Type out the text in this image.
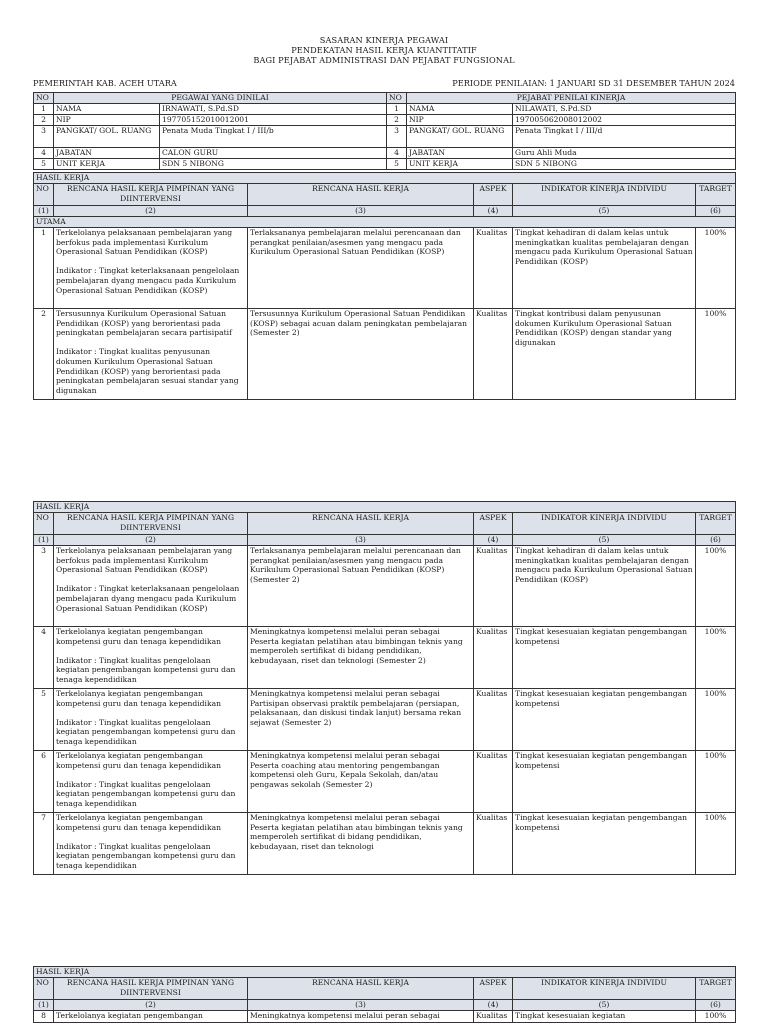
SASARAN KINERJA PEGAWAI
PENDEKATAN HASIL KERJA KUANTITATIF
BAGI PEJABAT ADMINISTRASI DAN PEJABAT FUNGSIONAL
PEMERINTAH KAB. ACEH UTARA	PERIODE PENILAIAN: 1 JANUARI SD 31 DESEMBER TAHUN 2024
NO	PEGAWAI YANG DINILAI		NO	PEJABAT PENILAI KINERJA	
1	NAMA	IRNAWATI, S.Pd.SD	1	NAMA	NILAWATI, S.Pd.SD
2	NIP	197705152010012001	2	NIP	197005062008012002
3	PANGKAT/ GOL. RUANG	Penata Muda Tingkat I / III/b	3	PANGKAT/ GOL. RUANG	Penata Tingkat I / III/d
4	JABATAN	CALON GURU	4	JABATAN	Guru Ahli Muda
5	UNIT KERJA	SDN 5 NIBONG	5	UNIT KERJA	SDN 5 NIBONG
HASIL KERJA					
NO	RENCANA HASIL KERJA PIMPINAN YANG DIINTERVENSI	RENCANA HASIL KERJA	ASPEK	INDIKATOR KINERJA INDIVIDU	TARGET
(1)	(2)	(3)	(4)	(5)	(6)
UTAMA					
1	Terkelolanya pelaksanaan pembelajaran yang berfokus pada implementasi Kurikulum Operasional Satuan Pendidikan (KOSP)

Indikator : Tingkat keterlaksanaan pengelolaan pembelajaran dyang mengacu pada Kurikulum Operasional Satuan Pendidikan (KOSP)	Terlaksananya pembelajaran melalui perencanaan dan perangkat penilaian/asesmen yang mengacu pada Kurikulum Operasional Satuan Pendidikan (KOSP)	Kualitas	Tingkat kehadiran di dalam kelas untuk meningkatkan kualitas pembelajaran dengan mengacu pada Kurikulum Operasional Satuan Pendidikan (KOSP)	100%
2	Tersusunnya Kurikulum Operasional Satuan Pendidikan (KOSP) yang berorientasi pada peningkatan pembelajaran secara partisipatif

Indikator : Tingkat kualitas penyusunan dokumen Kurikulum Operasional Satuan Pendidikan (KOSP) yang berorientasi pada peningkatan pembelajaran sesuai standar yang digunakan	Tersusunnya Kurikulum Operasional Satuan Pendidikan (KOSP) sebagai acuan dalam peningkatan pembelajaran (Semester 2)	Kualitas	Tingkat kontribusi dalam penyusunan dokumen Kurikulum Operasional Satuan Pendidikan (KOSP) dengan standar yang digunakan	100%
HASIL KERJA					
NO	RENCANA HASIL KERJA PIMPINAN YANG DIINTERVENSI	RENCANA HASIL KERJA	ASPEK	INDIKATOR KINERJA INDIVIDU	TARGET
(1)	(2)	(3)	(4)	(5)	(6)
3	Terkelolanya pelaksanaan pembelajaran yang berfokus pada implementasi Kurikulum Operasional Satuan Pendidikan (KOSP)

Indikator : Tingkat keterlaksanaan pengelolaan pembelajaran dyang mengacu pada Kurikulum Operasional Satuan Pendidikan (KOSP)	Terlaksananya pembelajaran melalui perencanaan dan perangkat penilaian/asesmen yang mengacu pada Kurikulum Operasional Satuan Pendidikan (KOSP) (Semester 2)	Kualitas	Tingkat kehadiran di dalam kelas untuk meningkatkan kualitas pembelajaran dengan mengacu pada Kurikulum Operasional Satuan Pendidikan (KOSP)	100%
4	Terkelolanya kegiatan pengembangan kompetensi guru dan tenaga kependidikan

Indikator : Tingkat kualitas pengelolaan kegiatan pengembangan kompetensi guru dan tenaga kependidikan	Meningkatnya kompetensi melalui peran sebagai Peserta kegiatan pelatihan atau bimbingan teknis yang memperoleh sertifikat di bidang pendidikan, kebudayaan, riset dan teknologi (Semester 2)	Kualitas	Tingkat kesesuaian kegiatan pengembangan kompetensi	100%
5	Terkelolanya kegiatan pengembangan kompetensi guru dan tenaga kependidikan

Indikator : Tingkat kualitas pengelolaan kegiatan pengembangan kompetensi guru dan tenaga kependidikan	Meningkatnya kompetensi melalui peran sebagai Partisipan observasi praktik pembelajaran (persiapan, pelaksanaan, dan diskusi tindak lanjut) bersama rekan sejawat (Semester 2)	Kualitas	Tingkat kesesuaian kegiatan pengembangan kompetensi	100%
6	Terkelolanya kegiatan pengembangan kompetensi guru dan tenaga kependidikan

Indikator : Tingkat kualitas pengelolaan kegiatan pengembangan kompetensi guru dan tenaga kependidikan	Meningkatnya kompetensi melalui peran sebagai Peserta coaching atau mentoring pengembangan kompetensi oleh Guru, Kepala Sekolah, dan/atau pengawas sekolah (Semester 2)	Kualitas	Tingkat kesesuaian kegiatan pengembangan kompetensi	100%
7	Terkelolanya kegiatan pengembangan kompetensi guru dan tenaga kependidikan

Indikator : Tingkat kualitas pengelolaan kegiatan pengembangan kompetensi guru dan tenaga kependidikan	Meningkatnya kompetensi melalui peran sebagai Peserta kegiatan pelatihan atau bimbingan teknis yang memperoleh sertifikat di bidang pendidikan, kebudayaan, riset dan teknologi	Kualitas	Tingkat kesesuaian kegiatan pengembangan kompetensi	100%
HASIL KERJA					
NO	RENCANA HASIL KERJA PIMPINAN YANG DIINTERVENSI	RENCANA HASIL KERJA	ASPEK	INDIKATOR KINERJA INDIVIDU	TARGET
(1)	(2)	(3)	(4)	(5)	(6)
8	Terkelolanya kegiatan pengembangan	Meningkatnya kompetensi melalui peran sebagai	Kualitas	Tingkat kesesuaian kegiatan	100%
